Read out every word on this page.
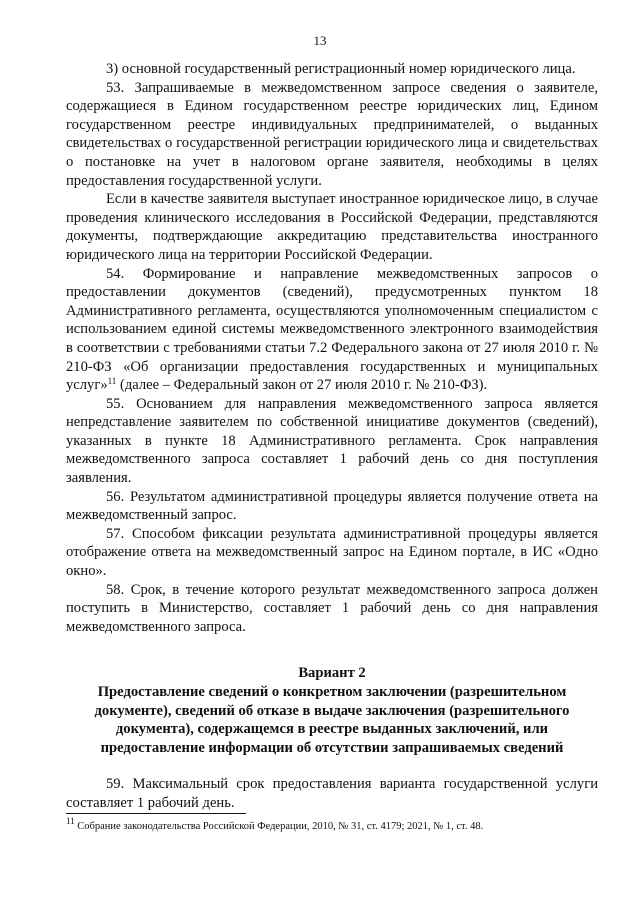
13

3) основной государственный регистрационный номер юридического лица.

53. Запрашиваемые в межведомственном запросе сведения о заявителе, содержащиеся в Едином государственном реестре юридических лиц, Едином государственном реестре индивидуальных предпринимателей, о выданных свидетельствах о государственной регистрации юридического лица и свидетельствах о постановке на учет в налоговом органе заявителя, необходимы в целях предоставления государственной услуги.

Если в качестве заявителя выступает иностранное юридическое лицо, в случае проведения клинического исследования в Российской Федерации, представляются документы, подтверждающие аккредитацию представительства иностранного юридического лица на территории Российской Федерации.

54. Формирование и направление межведомственных запросов о предоставлении документов (сведений), предусмотренных пунктом 18 Административного регламента, осуществляются уполномоченным специалистом с использованием единой системы межведомственного электронного взаимодействия в соответствии с требованиями статьи 7.2 Федерального закона от 27 июля 2010 г. № 210-ФЗ «Об организации предоставления государственных и муниципальных услуг»$^{11}$ (далее – Федеральный закон от 27 июля 2010 г. № 210-ФЗ).

55. Основанием для направления межведомственного запроса является непредставление заявителем по собственной инициативе документов (сведений), указанных в пункте 18 Административного регламента. Срок направления межведомственного запроса составляет 1 рабочий день со дня поступления заявления.

56. Результатом административной процедуры является получение ответа на межведомственный запрос.

57. Способом фиксации результата административной процедуры является отображение ответа на межведомственный запрос на Едином портале, в ИС «Одно окно».

58. Срок, в течение которого результат межведомственного запроса должен поступить в Министерство, составляет 1 рабочий день со дня направления межведомственного запроса.

Вариант 2
Предоставление сведений о конкретном заключении (разрешительном документе), сведений об отказе в выдаче заключения (разрешительного документа), содержащемся в реестре выданных заключений, или предоставление информации об отсутствии запрашиваемых сведений

59. Максимальный срок предоставления варианта государственной услуги составляет 1 рабочий день.

11 Собрание законодательства Российской Федерации, 2010, № 31, ст. 4179; 2021, № 1, ст. 48.
